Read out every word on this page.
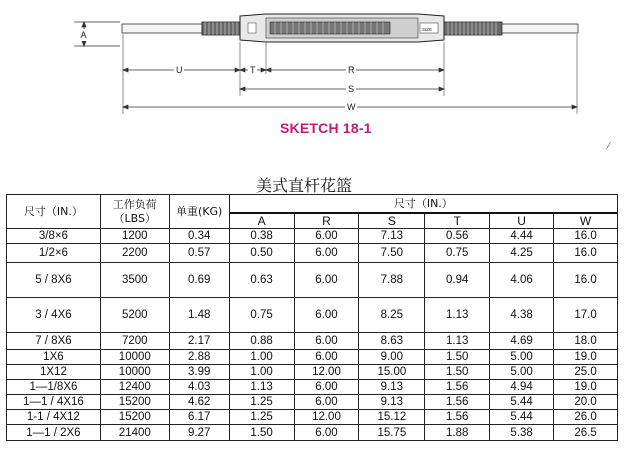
A
SIZE
U	T	R
S
W
SKETCH 18-1
⁄
美式直杆花篮
尺寸（IN.）	工作负荷（LBS）	单重(KG)	尺寸（IN.）					
			A	R	S	T	U	W
3/8×6	1200	0.34	0.38	6.00	7.13	0.56	4.44	16.0
1/2×6	2200	0.57	0.50	6.00	7.50	0.75	4.25	16.0
5 / 8X6	3500	0.69	0.63	6.00	7.88	0.94	4.06	16.0
3 / 4X6	5200	1.48	0.75	6.00	8.25	1.13	4.38	17.0
7 / 8X6	7200	2.17	0.88	6.00	8.63	1.13	4.69	18.0
1X6	10000	2.88	1.00	6.00	9.00	1.50	5.00	19.0
1X12	10000	3.99	1.00	12.00	15.00	1.50	5.00	25.0
1—1/8X6	12400	4.03	1.13	6.00	9.13	1.56	4.94	19.0
1—1 / 4X16	15200	4.62	1.25	6.00	9.13	1.56	5.44	20.0
1-1 / 4X12	15200	6.17	1.25	12.00	15.12	1.56	5.44	26.0
1—1 / 2X6	21400	9.27	1.50	6.00	15.75	1.88	5.38	26.5
